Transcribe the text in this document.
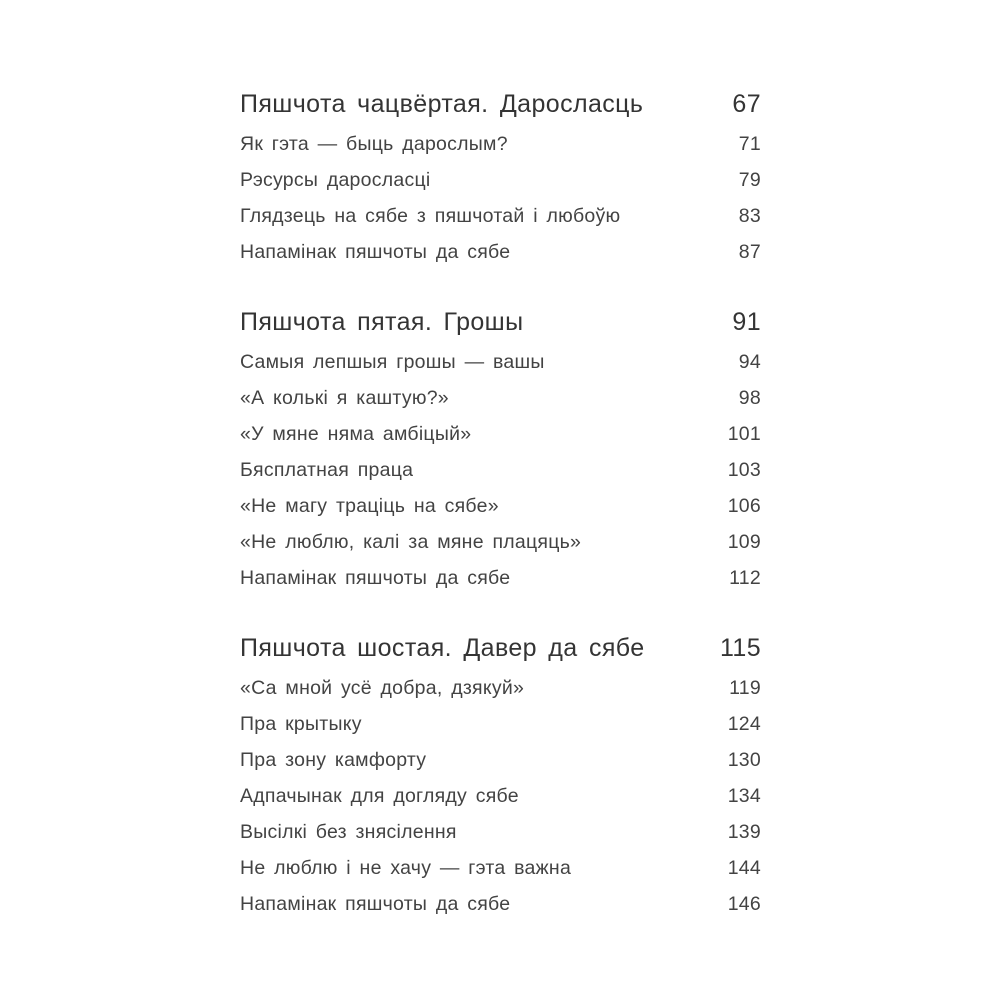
Пяшчота чацвёртая. Даросласць	67
Як гэта — быць дарослым?	71
Рэсурсы даросласці	79
Глядзець на сябе з пяшчотай і любоўю	83
Напамінак пяшчоты да сябе	87
Пяшчота пятая. Грошы	91
Самыя лепшыя грошы — вашы	94
«А колькі я каштую?»	98
«У мяне няма амбіцый»	101
Бясплатная праца	103
«Не магу траціць на сябе»	106
«Не люблю, калі за мяне плацяць»	109
Напамінак пяшчоты да сябе	112
Пяшчота шостая. Давер да сябе	115
«Са мной усё добра, дзякуй»	119
Пра крытыку	124
Пра зону камфорту	130
Адпачынак для догляду сябе	134
Высілкі без знясілення	139
Не люблю і не хачу — гэта важна	144
Напамінак пяшчоты да сябе	146
